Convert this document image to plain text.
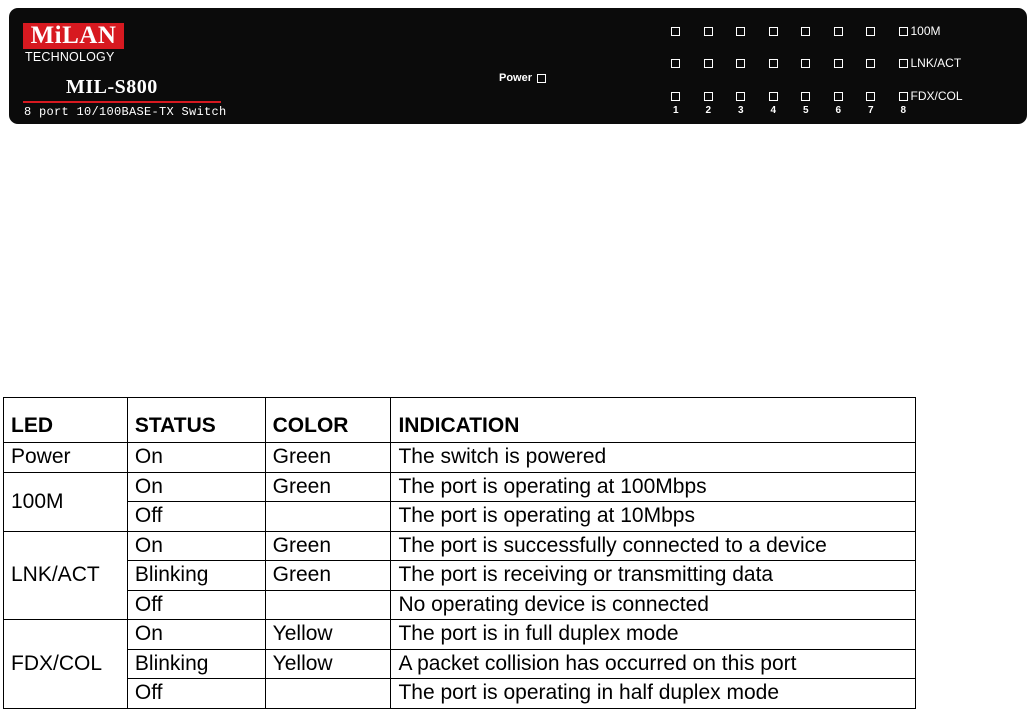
MiLAN
TECHNOLOGY
MIL-S800
8 port 10/100BASE-TX Switch
Power
100M
LNK/ACT
FDX/COL
1	2	3	4	5	6	7	8
LED	STATUS	COLOR	INDICATION
Power	On	Green	The switch is powered
100M	On	Green	The port is operating at 100Mbps
	Off		The port is operating at 10Mbps
LNK/ACT	On	Green	The port is successfully connected to a device
	Blinking	Green	The port is receiving or transmitting data
	Off		No operating device is connected
FDX/COL	On	Yellow	The port is in full duplex mode
	Blinking	Yellow	A packet collision has occurred on this port
	Off		The port is operating in half duplex mode
